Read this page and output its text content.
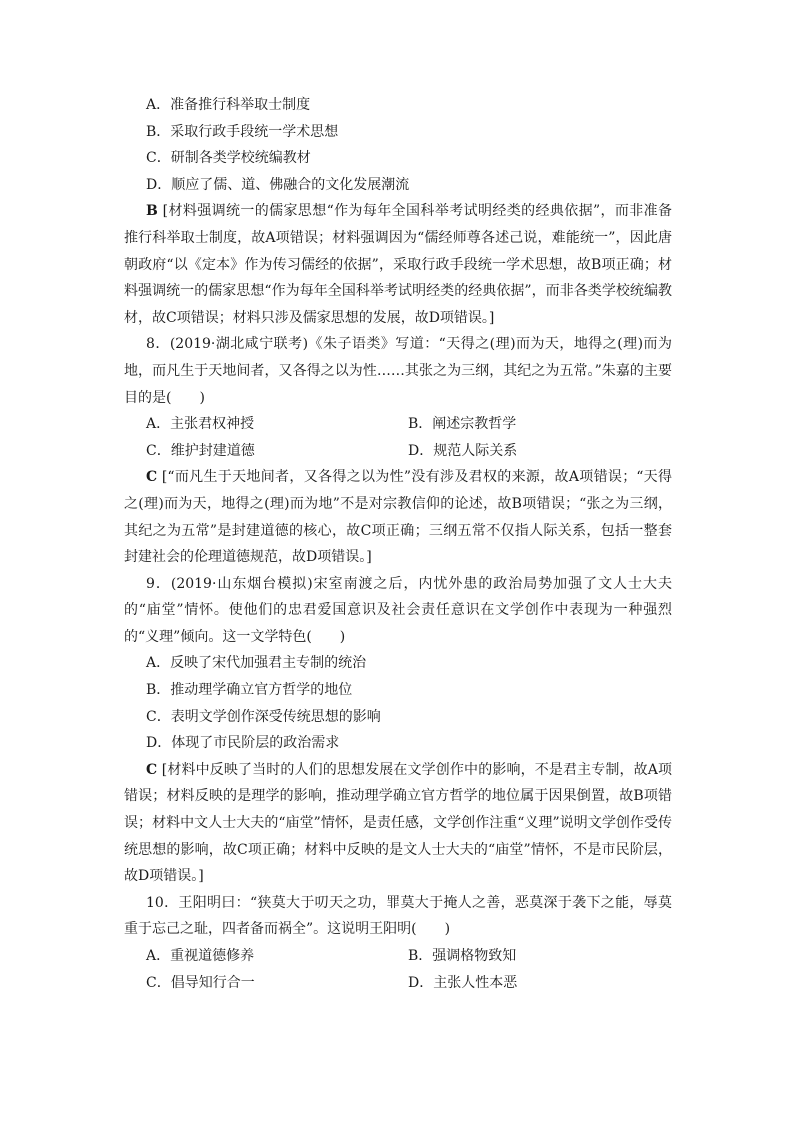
A．准备推行科举取士制度

B．采取行政手段统一学术思想

C．研制各类学校统编教材

D．顺应了儒、道、佛融合的文化发展潮流

B [材料强调统一的儒家思想“作为每年全国科举考试明经类的经典依据”，而非准备推行科举取士制度，故A项错误；材料强调因为“儒经师尊各述己说，难能统一”，因此唐朝政府“以《定本》作为传习儒经的依据”，采取行政手段统一学术思想，故B项正确；材料强调统一的儒家思想“作为每年全国科举考试明经类的经典依据”，而非各类学校统编教材，故C项错误；材料只涉及儒家思想的发展，故D项错误。]

8．(2019·湖北咸宁联考)《朱子语类》写道：“天得之(理)而为天，地得之(理)而为地，而凡生于天地间者，又各得之以为性……其张之为三纲，其纪之为五常。”朱嘉的主要目的是(　　)

A．主张君权神授	B．阐述宗教哲学
C．维护封建道德	D．规范人际关系

C [“而凡生于天地间者，又各得之以为性”没有涉及君权的来源，故A项错误；“天得之(理)而为天，地得之(理)而为地”不是对宗教信仰的论述，故B项错误；“张之为三纲，其纪之为五常”是封建道德的核心，故C项正确；三纲五常不仅指人际关系，包括一整套封建社会的伦理道德规范，故D项错误。]

9．(2019·山东烟台模拟)宋室南渡之后，内忧外患的政治局势加强了文人士大夫的“庙堂”情怀。使他们的忠君爱国意识及社会责任意识在文学创作中表现为一种强烈的“义理”倾向。这一文学特色(　　)

A．反映了宋代加强君主专制的统治

B．推动理学确立官方哲学的地位

C．表明文学创作深受传统思想的影响

D．体现了市民阶层的政治需求

C [材料中反映了当时的人们的思想发展在文学创作中的影响，不是君主专制，故A项错误；材料反映的是理学的影响，推动理学确立官方哲学的地位属于因果倒置，故B项错误；材料中文人士大夫的“庙堂”情怀，是责任感，文学创作注重“义理”说明文学创作受传统思想的影响，故C项正确；材料中反映的是文人士大夫的“庙堂”情怀，不是市民阶层，故D项错误。]

10．王阳明曰：“狭莫大于叨天之功，罪莫大于掩人之善，恶莫深于袭下之能，辱莫重于忘己之耻，四者备而祸全”。这说明王阳明(　　)

A．重视道德修养	B．强调格物致知
C．倡导知行合一	D．主张人性本恶
